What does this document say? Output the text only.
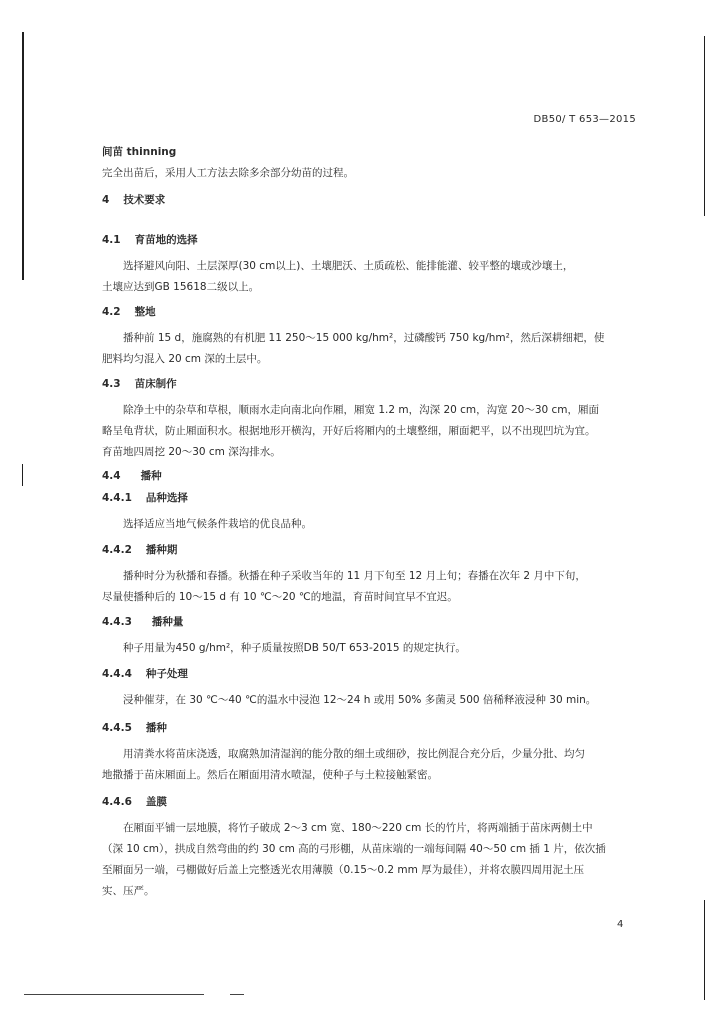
DB50/ T 653—2015
间苗 thinning
完全出苗后，采用人工方法去除多余部分幼苗的过程。
4 技术要求
4.1 育苗地的选择
选择避风向阳、土层深厚(30 cm以上)、土壤肥沃、土质疏松、能排能灌、较平整的壤或沙壤土，
土壤应达到GB 15618二级以上。
4.2 整地
播种前 15 d，施腐熟的有机肥 11 250～15 000 kg/hm²，过磷酸钙 750 kg/hm²，然后深耕细耙，使
肥料均匀混入 20 cm 深的土层中。
4.3 苗床制作
除净土中的杂草和草根，顺雨水走向南北向作厢，厢宽 1.2 m，沟深 20 cm，沟宽 20～30 cm，厢面
略呈龟背状，防止厢面积水。根据地形开横沟，开好后将厢内的土壤整细，厢面耙平，以不出现凹坑为宜。
育苗地四周挖 20～30 cm 深沟排水。
4.4 播种
4.4.1 品种选择
选择适应当地气候条件栽培的优良品种。
4.4.2 播种期
播种时分为秋播和春播。秋播在种子采收当年的 11 月下旬至 12 月上旬；春播在次年 2 月中下旬，
尽量使播种后的 10～15 d 有 10 ℃～20 ℃的地温，育苗时间宜早不宜迟。
4.4.3 播种量
种子用量为450 g/hm²，种子质量按照DB 50/T 653-2015 的规定执行。
4.4.4 种子处理
浸种催芽，在 30 ℃～40 ℃的温水中浸泡 12～24 h 或用 50% 多菌灵 500 倍稀释液浸种 30 min。
4.4.5 播种
用清粪水将苗床浇透，取腐熟加清湿润的能分散的细土或细砂，按比例混合充分后，少量分批、均匀
地撒播于苗床厢面上。然后在厢面用清水喷湿，使种子与土粒接触紧密。
4.4.6 盖膜
在厢面平铺一层地膜，将竹子破成 2～3 cm 宽、180～220 cm 长的竹片，将两端插于苗床两侧土中
（深 10 cm），拱成自然弯曲的约 30 cm 高的弓形棚，从苗床端的一端每间隔 40～50 cm 插 1 片，依次插
至厢面另一端，弓棚做好后盖上完整透光农用薄膜（0.15～0.2 mm 厚为最佳），并将农膜四周用泥土压
实、压严。
4
